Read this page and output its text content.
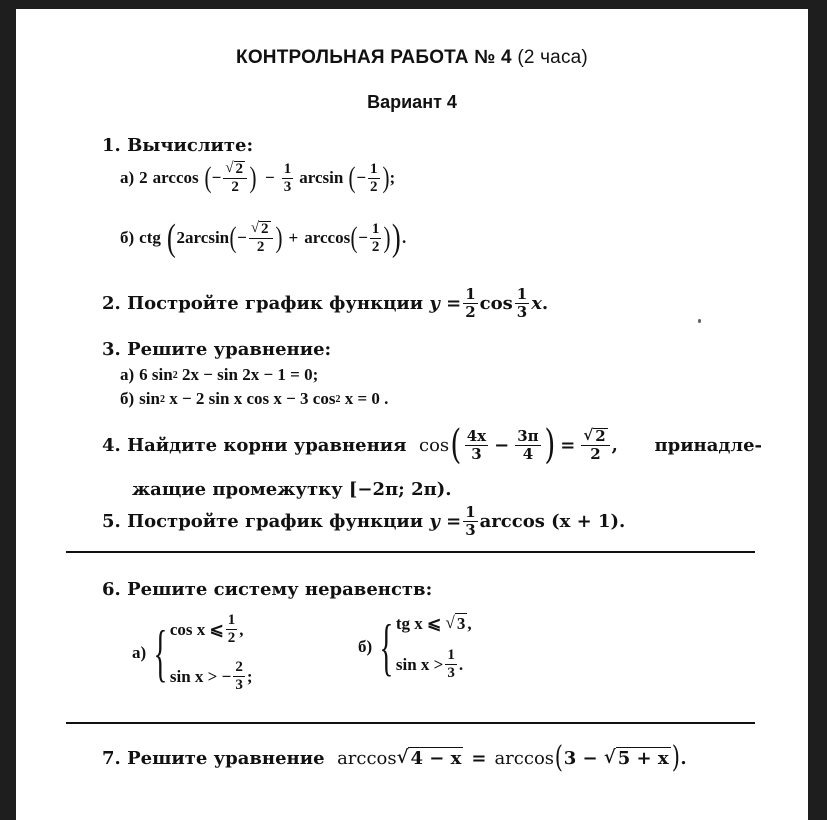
КОНТРОЛЬНАЯ РАБОТА № 4 (2 часа)
Вариант 4
1. Вычислите:
а) 2 arccos ( − $\frac{√ 2}{2}$ ) − $\frac{1}{3}$ arcsin ( − $\frac{1}{2}$ ) ;
б) ctg ( 2 arcsin ( − $\frac{√ 2}{2}$ ) + arccos ( − $\frac{1}{2}$ ) ) .
2.
Постройте график функции
y
= $\frac{1}{2}$ $\cos \frac{1}{3}$ x .
3. Решите уравнение:
а) 6 sin 2 2x − sin 2x − 1 = 0;
б) sin 2 x − 2 sin x cos x − 3 cos 2 x = 0 .
4.
Найдите корни уравнения
cos ( $\frac{4x}{3} - \frac{3\pi}{4}$ ) = $\frac{√ 2}{2}$ , принадле-
жащие промежутку [−2π; 2π).
5.
Постройте график функции
y
= $\frac{1}{3}$ arccos (x + 1).
6. Решите систему неравенств:
а) { cos x ⩽ $\frac{1}{2}$ ,
sin x > − $\frac{2}{3}$ ;
б) { tg x ⩽
√ 3 ,
$\sin x > \frac{1}{3}$ .
7.
Решите уравнение
arccos √ 4 − x = arccos ( 3 −
√ 5 + x ) .
